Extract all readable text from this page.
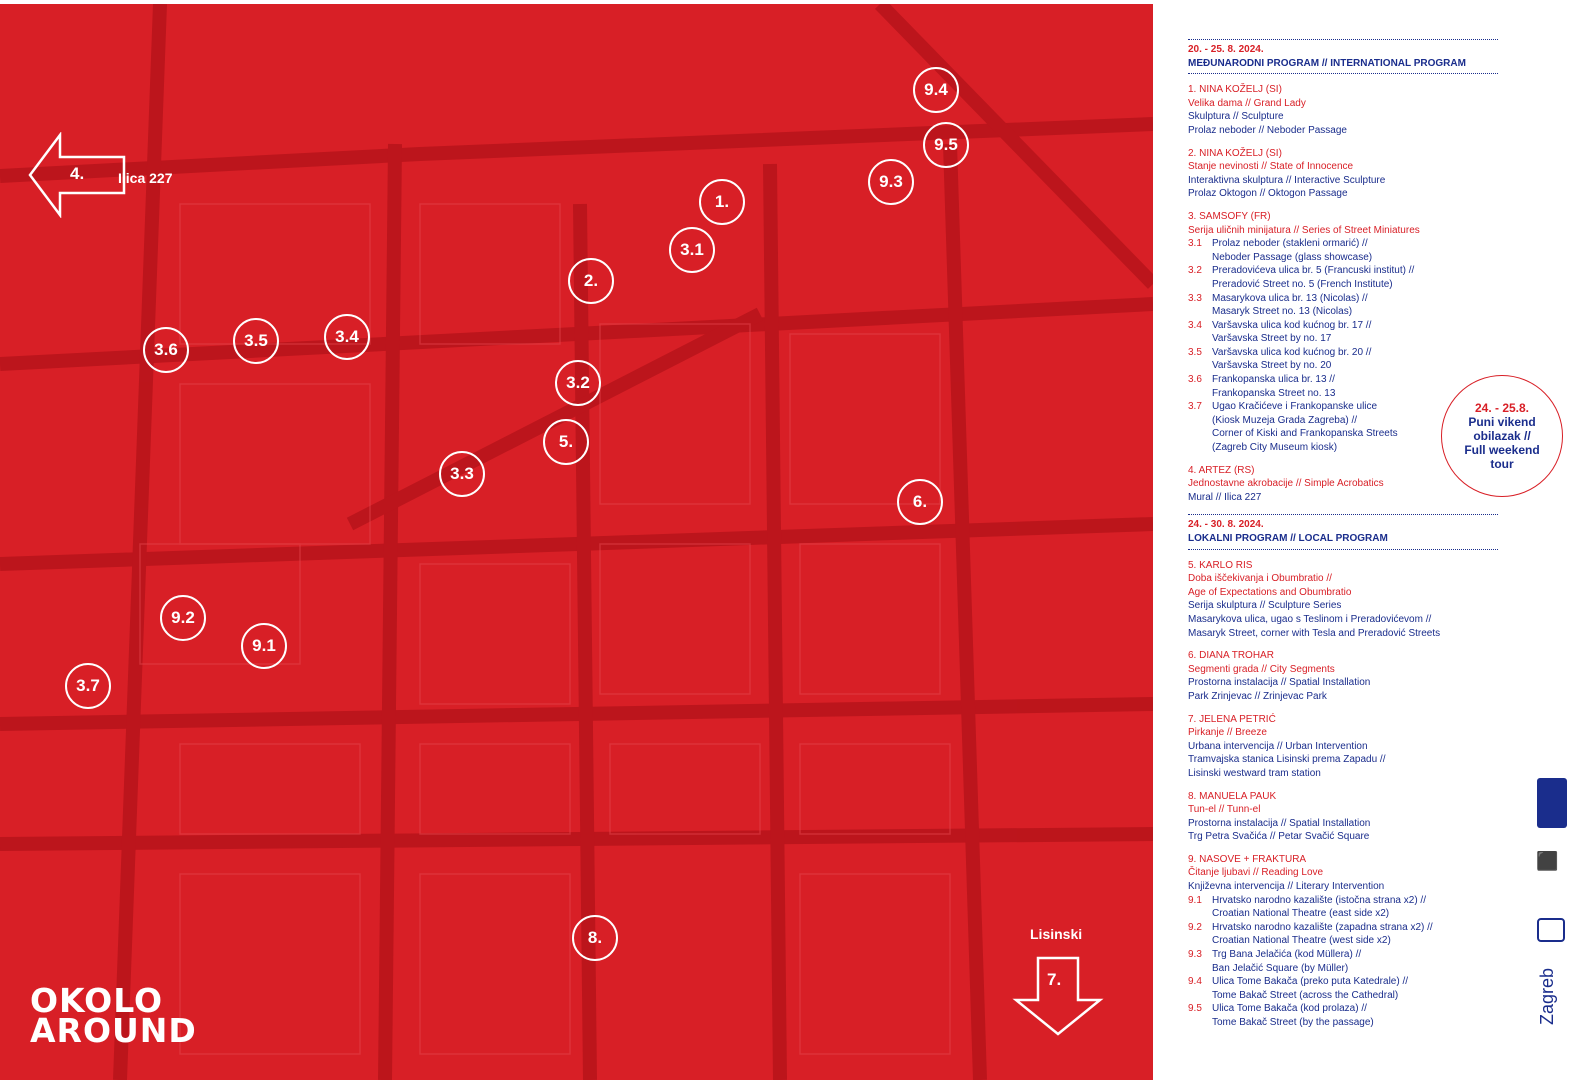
1.
2.
3.1
3.2
3.3
3.4
3.5
3.6
3.7
5.
6.
8.
9.1
9.2
9.3
9.4
9.5
4. Ilica 227
7.
Lisinski
OKOLO
AROUND
20. - 25. 8. 2024.
MEĐUNARODNI PROGRAM // INTERNATIONAL PROGRAM
1. NINA KOŽELJ (SI)
Velika dama // Grand Lady
Skulptura // Sculpture
Prolaz neboder // Neboder Passage
2. NINA KOŽELJ (SI)
Stanje nevinosti // State of Innocence
Interaktivna skulptura // Interactive Sculpture
Prolaz Oktogon // Oktogon Passage
3. SAMSOFY (FR)
Serija uličnih minijatura // Series of Street Miniatures
3.1	Prolaz neboder (stakleni ormarić) //
Neboder Passage (glass showcase)
3.2	Preradovićeva ulica br. 5 (Francuski institut) //
Preradović Street no. 5 (French Institute)
3.3	Masarykova ulica br. 13 (Nicolas) //
Masaryk Street no. 13 (Nicolas)
3.4	Varšavska ulica kod kućnog br. 17 //
Varšavska Street by no. 17
3.5	Varšavska ulica kod kućnog br. 20 //
Varšavska Street by no. 20
3.6	Frankopanska ulica br. 13 //
Frankopanska Street no. 13
3.7	Ugao Kračićeve i Frankopanske ulice
(Kiosk Muzeja Grada Zagreba) //
Corner of Kiski and Frankopanska Streets
(Zagreb City Museum kiosk)
4. ARTEZ (RS)
Jednostavne akrobacije // Simple Acrobatics
Mural // Ilica 227
24. - 30. 8. 2024.
LOKALNI PROGRAM // LOCAL PROGRAM
5. KARLO RIS
Doba iščekivanja i Obumbratio //
Age of Expectations and Obumbratio
Serija skulptura // Sculpture Series
Masarykova ulica, ugao s Teslinom i Preradovićevom //
Masaryk Street, corner with Tesla and Preradović Streets
6. DIANA TROHAR
Segmenti grada // City Segments
Prostorna instalacija // Spatial Installation
Park Zrinjevac // Zrinjevac Park
7. JELENA PETRIĆ
Pirkanje // Breeze
Urbana intervencija // Urban Intervention
Tramvajska stanica Lisinski prema Zapadu //
Lisinski westward tram station
8. MANUELA PAUK
Tun-el // Tunn-el
Prostorna instalacija // Spatial Installation
Trg Petra Svačića // Petar Svačić Square
9. NASOVE + FRAKTURA
Čitanje ljubavi // Reading Love
Književna intervencija // Literary Intervention
9.1	Hrvatsko narodno kazalište (istočna strana x2) //
Croatian National Theatre (east side x2)
9.2	Hrvatsko narodno kazalište (zapadna strana x2) //
Croatian National Theatre (west side x2)
9.3	Trg Bana Jelačića (kod Müllera) //
Ban Jelačić Square (by Müller)
9.4	Ulica Tome Bakača (preko puta Katedrale) //
Tome Bakač Street (across the Cathedral)
9.5	Ulica Tome Bakača (kod prolaza) //
Tome Bakač Street (by the passage)
24. - 25.8.
Puni vikend
obilazak //
Full weekend
tour
⬛
Zagreb
